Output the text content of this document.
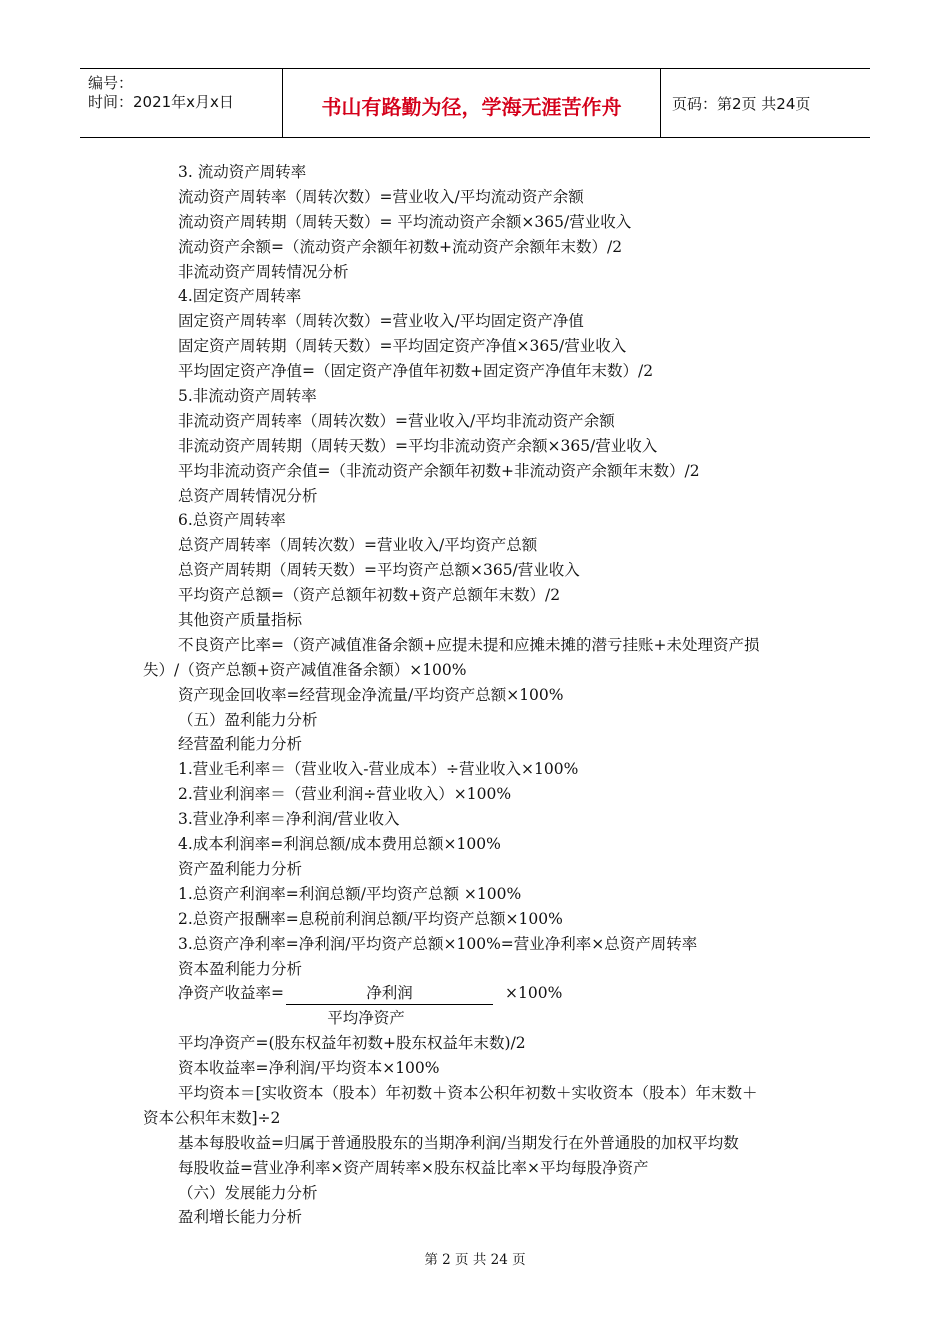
编号：
时间：2021年x月x日	书山有路勤为径，学海无涯苦作舟	页码：第2页 共24页
3. 流动资产周转率
流动资产周转率（周转次数）=营业收入/平均流动资产余额
流动资产周转期（周转天数）= 平均流动资产余额×365/营业收入
流动资产余额=（流动资产余额年初数+流动资产余额年末数）/2
非流动资产周转情况分析
4.固定资产周转率
固定资产周转率（周转次数）=营业收入/平均固定资产净值
固定资产周转期（周转天数）=平均固定资产净值×365/营业收入
平均固定资产净值=（固定资产净值年初数+固定资产净值年末数）/2
5.非流动资产周转率
非流动资产周转率（周转次数）=营业收入/平均非流动资产余额
非流动资产周转期（周转天数）=平均非流动资产余额×365/营业收入
平均非流动资产余值=（非流动资产余额年初数+非流动资产余额年末数）/2
总资产周转情况分析
6.总资产周转率
总资产周转率（周转次数）=营业收入/平均资产总额
总资产周转期（周转天数）=平均资产总额×365/营业收入
平均资产总额=（资产总额年初数+资产总额年末数）/2
其他资产质量指标
不良资产比率=（资产减值准备余额+应提未提和应摊未摊的潜亏挂账+未处理资产损
失）/（资产总额+资产减值准备余额）×100%
资产现金回收率=经营现金净流量/平均资产总额×100%
（五）盈利能力分析
经营盈利能力分析
1.营业毛利率＝（营业收入-营业成本）÷营业收入×100%
2.营业利润率＝（营业利润÷营业收入）×100%
3.营业净利率＝净利润/营业收入
4.成本利润率=利润总额/成本费用总额×100%
资产盈利能力分析
1.总资产利润率=利润总额/平均资产总额 ×100%
2.总资产报酬率=息税前利润总额/平均资产总额×100%
3.总资产净利率=净利润/平均资产总额×100%=营业净利率×总资产周转率
资本盈利能力分析
净资产收益率=	净利润	×100%
平均净资产
平均净资产=(股东权益年初数+股东权益年末数)/2
资本收益率=净利润/平均资本×100%
平均资本＝[实收资本（股本）年初数＋资本公积年初数＋实收资本（股本）年末数＋
资本公积年末数]÷2
基本每股收益=归属于普通股股东的当期净利润/当期发行在外普通股的加权平均数
每股收益=营业净利率×资产周转率×股东权益比率×平均每股净资产
（六）发展能力分析
盈利增长能力分析
第 2 页 共 24 页
